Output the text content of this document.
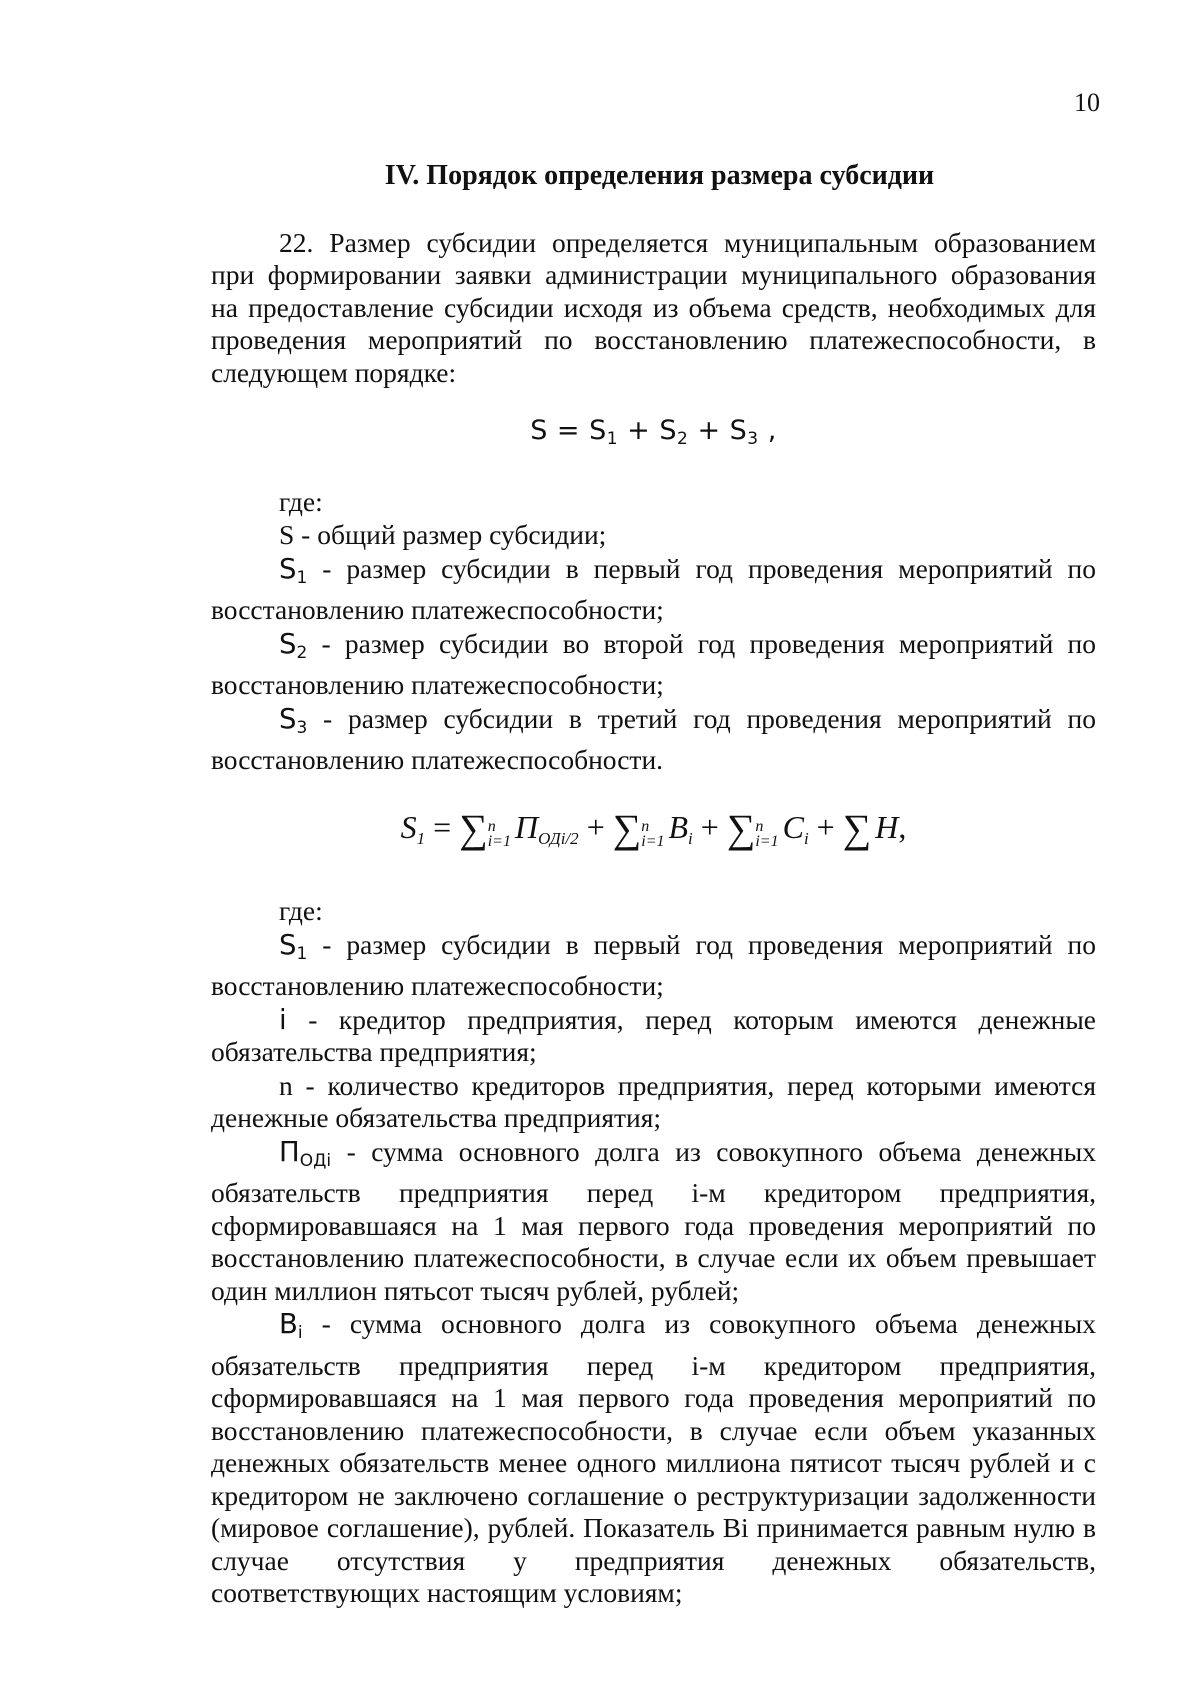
10
IV. Порядок определения размера субсидии

22. Размер субсидии определяется муниципальным образованием при формировании заявки администрации муниципального образования на предоставление субсидии исходя из объема средств, необходимых для проведения мероприятий по восстановлению платежеспособности, в следующем порядке:

$S = S_1 + S_2 + S_3$ ,

где:

S - общий размер субсидии;

$S_1$ - размер субсидии в первый год проведения мероприятий по восстановлению платежеспособности;

$S_2$ - размер субсидии во второй год проведения мероприятий по восстановлению платежеспособности;

$S_3$ - размер субсидии в третий год проведения мероприятий по восстановлению платежеспособности.

S1 = ∑ n
i=1 ПОДi/2 + ∑ n
i=1 Bi + ∑ n
i=1 Ci + ∑ H,

где:

$S_1$ - размер субсидии в первый год проведения мероприятий по восстановлению платежеспособности;

i - кредитор предприятия, перед которым имеются денежные обязательства предприятия;

n - количество кредиторов предприятия, перед которыми имеются денежные обязательства предприятия;

$П_{ОДi}$ - сумма основного долга из совокупного объема денежных обязательств предприятия перед i-м кредитором предприятия, сформировавшаяся на 1 мая первого года проведения мероприятий по восстановлению платежеспособности, в случае если их объем превышает один миллион пятьсот тысяч рублей, рублей;

$B_i$ - сумма основного долга из совокупного объема денежных обязательств предприятия перед i-м кредитором предприятия, сформировавшаяся на 1 мая первого года проведения мероприятий по восстановлению платежеспособности, в случае если объем указанных денежных обязательств менее одного миллиона пятисот тысяч рублей и с кредитором не заключено соглашение о реструктуризации задолженности (мировое соглашение), рублей. Показатель Bi принимается равным нулю в случае отсутствия у предприятия денежных обязательств, соответствующих настоящим условиям;
